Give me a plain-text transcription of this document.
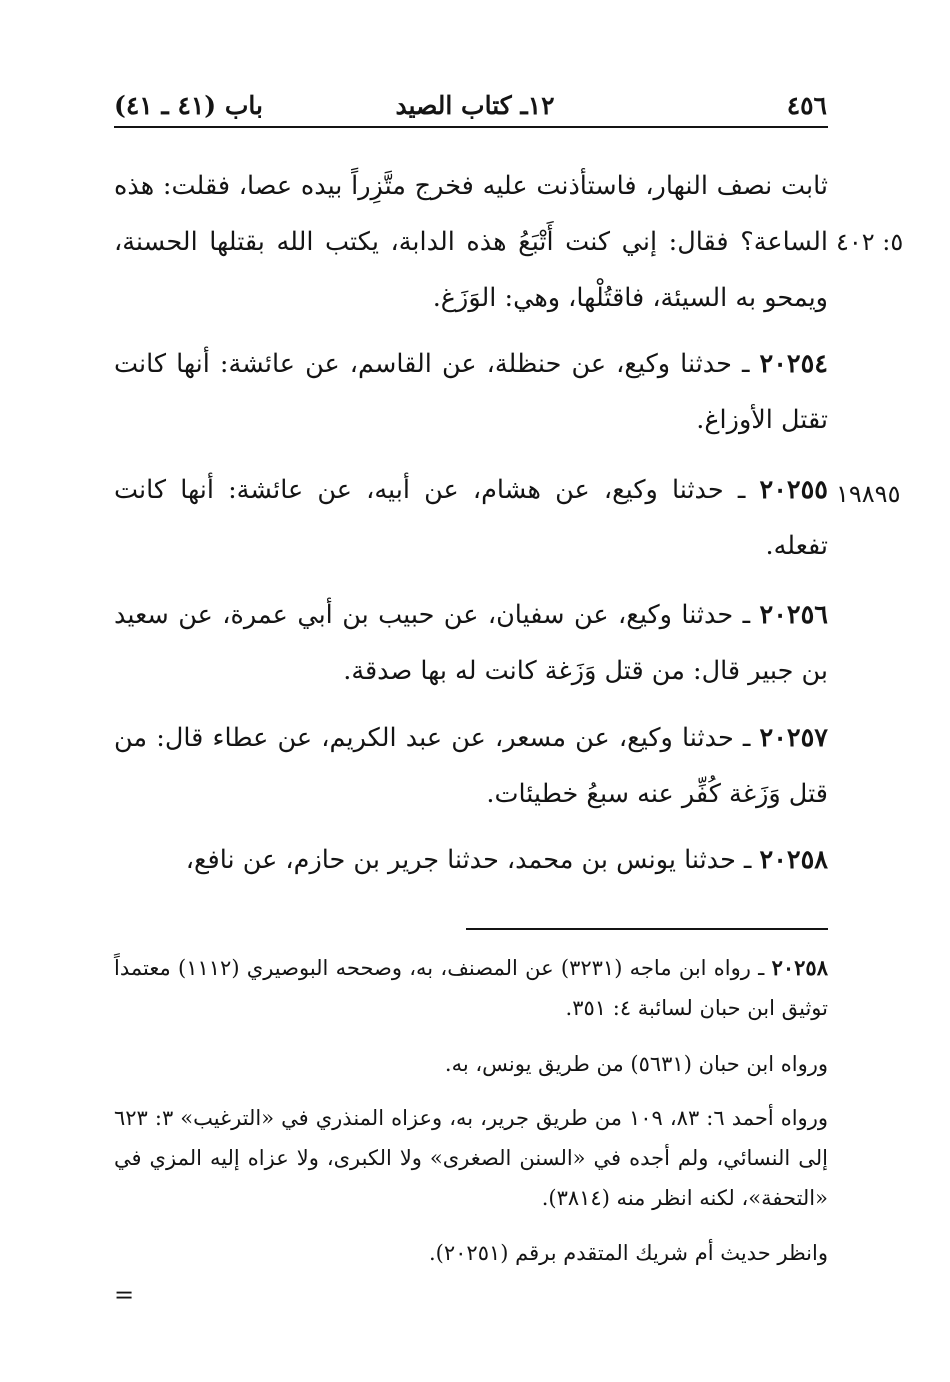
٤٥٦
١٢ـ كتاب الصيد
باب (٤١ ـ ٤١)
٥: ٤٠٢
١٩٨٩٥
ثابت نصف النهار، فاستأذنت عليه فخرج متَّزِراً بيده عصا، فقلت: هذه الساعة؟ فقال: إني كنت أَتْبَعُ هذه الدابة، يكتب الله بقتلها الحسنة، ويمحو به السيئة، فاقتُلْها، وهي: الوَزَغ.
٢٠٢٥٤ ـ حدثنا وكيع، عن حنظلة، عن القاسم، عن عائشة: أنها كانت تقتل الأوزاغ.
٢٠٢٥٥ ـ حدثنا وكيع، عن هشام، عن أبيه، عن عائشة: أنها كانت تفعله.
٢٠٢٥٦ ـ حدثنا وكيع، عن سفيان، عن حبيب بن أبي عمرة، عن سعيد بن جبير قال: من قتل وَزَغة كانت له بها صدقة.
٢٠٢٥٧ ـ حدثنا وكيع، عن مسعر، عن عبد الكريم، عن عطاء قال: من قتل وَزَغة كُفِّر عنه سبعُ خطيئات.
٢٠٢٥٨ ـ حدثنا يونس بن محمد، حدثنا جرير بن حازم، عن نافع،
٢٠٢٥٨ ـ رواه ابن ماجه (٣٢٣١) عن المصنف، به، وصححه البوصيري (١١١٢) معتمداً توثيق ابن حبان لسائبة ٤: ٣٥١.
ورواه ابن حبان (٥٦٣١) من طريق يونس، به.
ورواه أحمد ٦: ٨٣، ١٠٩ من طريق جرير، به، وعزاه المنذري في «الترغيب» ٣: ٦٢٣ إلى النسائي، ولم أجده في «السنن الصغرى» ولا الكبرى، ولا عزاه إليه المزي في «التحفة»، لكنه انظر منه (٣٨١٤).
وانظر حديث أم شريك المتقدم برقم (٢٠٢٥١).
=
